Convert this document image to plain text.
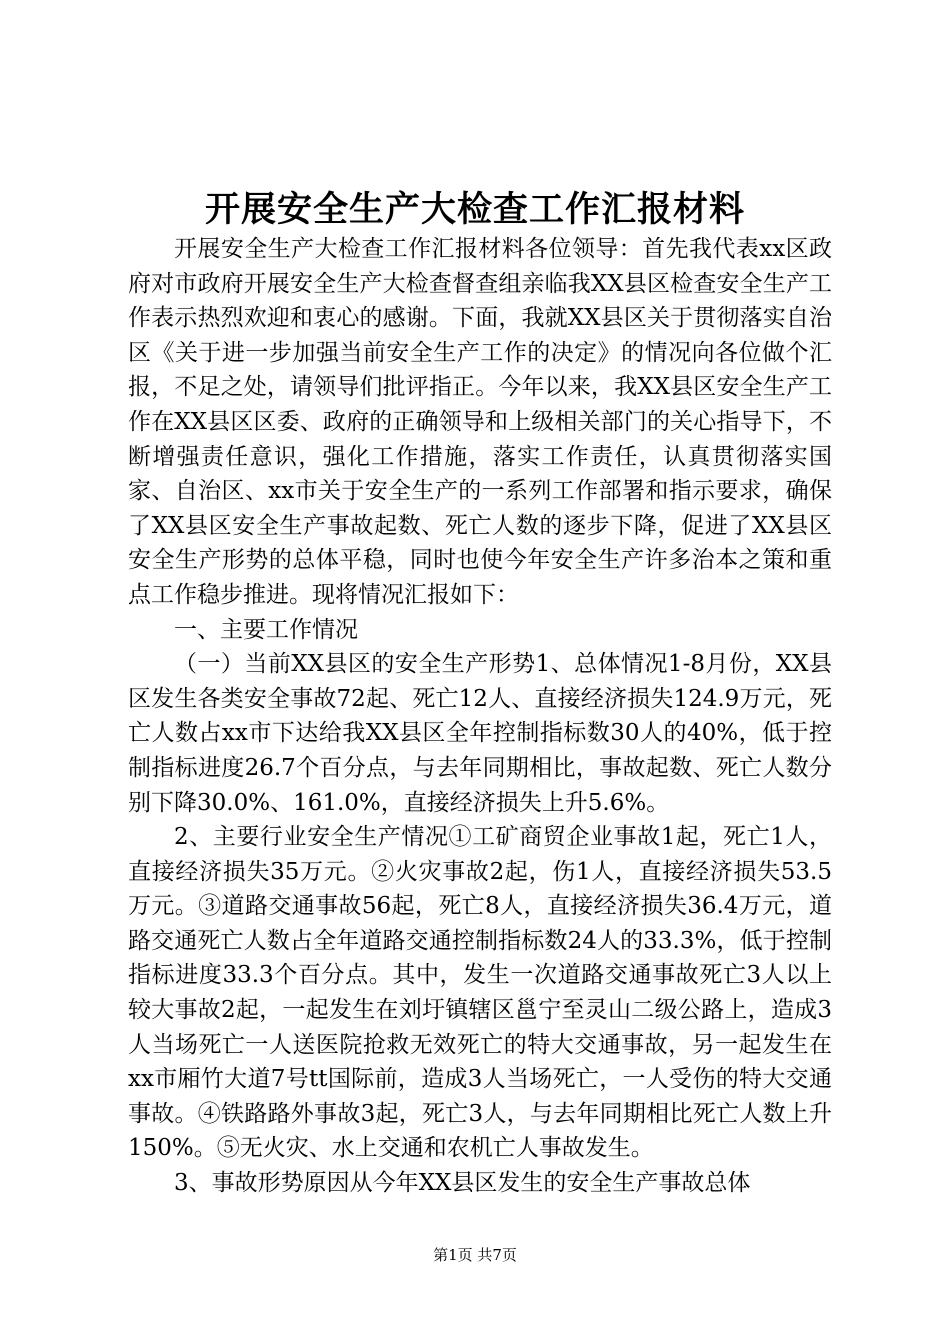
开展安全生产大检查工作汇报材料

开展安全生产大检查工作汇报材料各位领导：首先我代表xx区政府对市政府开展安全生产大检查督查组亲临我XX县区检查安全生产工作表示热烈欢迎和衷心的感谢。下面，我就XX县区关于贯彻落实自治区《关于进一步加强当前安全生产工作的决定》的情况向各位做个汇报，不足之处，请领导们批评指正。今年以来，我XX县区安全生产工作在XX县区区委、政府的正确领导和上级相关部门的关心指导下，不断增强责任意识，强化工作措施，落实工作责任，认真贯彻落实国家、自治区、xx市关于安全生产的一系列工作部署和指示要求，确保了XX县区安全生产事故起数、死亡人数的逐步下降，促进了XX县区安全生产形势的总体平稳，同时也使今年安全生产许多治本之策和重点工作稳步推进。现将情况汇报如下：

一、主要工作情况

（一）当前XX县区的安全生产形势1、总体情况1-8月份，XX县区发生各类安全事故72起、死亡12人、直接经济损失124.9万元，死亡人数占xx市下达给我XX县区全年控制指标数30人的40%，低于控制指标进度26.7个百分点，与去年同期相比，事故起数、死亡人数分别下降30.0%、161.0%，直接经济损失上升5.6%。

2、主要行业安全生产情况①工矿商贸企业事故1起，死亡1人，直接经济损失35万元。②火灾事故2起，伤1人，直接经济损失53.5万元。③道路交通事故56起，死亡8人，直接经济损失36.4万元，道路交通死亡人数占全年道路交通控制指标数24人的33.3%，低于控制指标进度33.3个百分点。其中，发生一次道路交通事故死亡3人以上较大事故2起，一起发生在刘圩镇辖区邕宁至灵山二级公路上，造成3人当场死亡一人送医院抢救无效死亡的特大交通事故，另一起发生在xx市厢竹大道7号tt国际前，造成3人当场死亡，一人受伤的特大交通事故。④铁路路外事故3起，死亡3人，与去年同期相比死亡人数上升150%。⑤无火灾、水上交通和农机亡人事故发生。

3、事故形势原因从今年XX县区发生的安全生产事故总体

第1页 共7页
